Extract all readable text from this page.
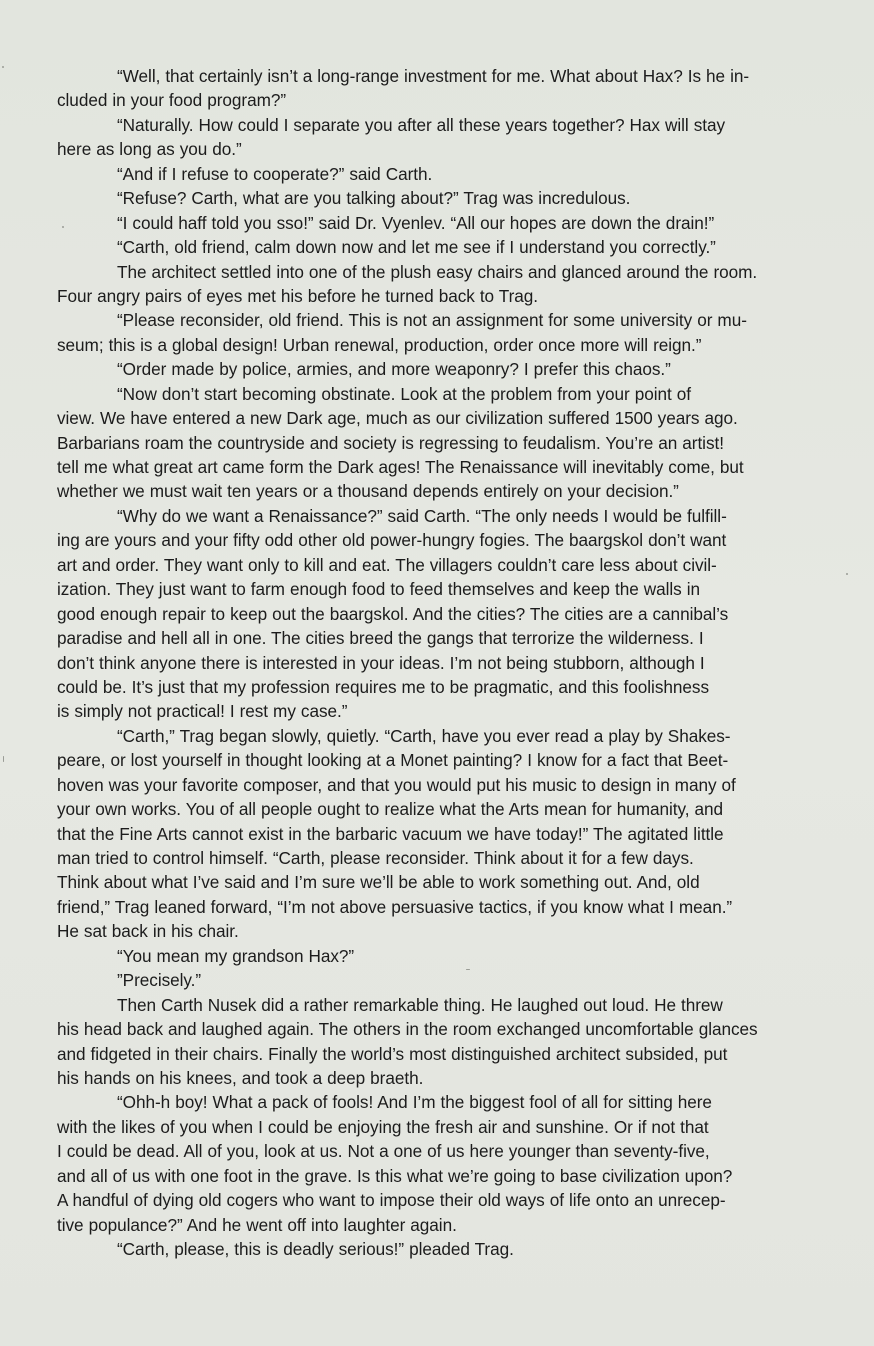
“Well, that certainly isn’t a long-range investment for me. What about Hax? Is he in-
cluded in your food program?”
“Naturally. How could I separate you after all these years together? Hax will stay
here as long as you do.”
“And if I refuse to cooperate?” said Carth.
“Refuse? Carth, what are you talking about?” Trag was incredulous.
“I could haff told you sso!” said Dr. Vyenlev. “All our hopes are down the drain!”
“Carth, old friend, calm down now and let me see if I understand you correctly.”
The architect settled into one of the plush easy chairs and glanced around the room.
Four angry pairs of eyes met his before he turned back to Trag.
“Please reconsider, old friend. This is not an assignment for some university or mu-
seum; this is a global design! Urban renewal, production, order once more will reign.”
“Order made by police, armies, and more weaponry? I prefer this chaos.”
“Now don’t start becoming obstinate. Look at the problem from your point of
view. We have entered a new Dark age, much as our civilization suffered 1500 years ago.
Barbarians roam the countryside and society is regressing to feudalism. You’re an artist!
tell me what great art came form the Dark ages! The Renaissance will inevitably come, but
whether we must wait ten years or a thousand depends entirely on your decision.”
“Why do we want a Renaissance?” said Carth. “The only needs I would be fulfill-
ing are yours and your fifty odd other old power-hungry fogies. The baargskol don’t want
art and order. They want only to kill and eat. The villagers couldn’t care less about civil-
ization. They just want to farm enough food to feed themselves and keep the walls in
good enough repair to keep out the baargskol. And the cities? The cities are a cannibal’s
paradise and hell all in one. The cities breed the gangs that terrorize the wilderness. I
don’t think anyone there is interested in your ideas. I’m not being stubborn, although I
could be. It’s just that my profession requires me to be pragmatic, and this foolishness
is simply not practical! I rest my case.”
“Carth,” Trag began slowly, quietly. “Carth, have you ever read a play by Shakes-
peare, or lost yourself in thought looking at a Monet painting? I know for a fact that Beet-
hoven was your favorite composer, and that you would put his music to design in many of
your own works. You of all people ought to realize what the Arts mean for humanity, and
that the Fine Arts cannot exist in the barbaric vacuum we have today!” The agitated little
man tried to control himself. “Carth, please reconsider. Think about it for a few days.
Think about what I’ve said and I’m sure we’ll be able to work something out. And, old
friend,” Trag leaned forward, “I’m not above persuasive tactics, if you know what I mean.”
He sat back in his chair.
“You mean my grandson Hax?”
”Precisely.”
Then Carth Nusek did a rather remarkable thing. He laughed out loud. He threw
his head back and laughed again. The others in the room exchanged uncomfortable glances
and fidgeted in their chairs. Finally the world’s most distinguished architect subsided, put
his hands on his knees, and took a deep braeth.
“Ohh-h boy! What a pack of fools! And I’m the biggest fool of all for sitting here
with the likes of you when I could be enjoying the fresh air and sunshine. Or if not that
I could be dead. All of you, look at us. Not a one of us here younger than seventy-five,
and all of us with one foot in the grave. Is this what we’re going to base civilization upon?
A handful of dying old cogers who want to impose their old ways of life onto an unrecep-
tive populance?” And he went off into laughter again.
“Carth, please, this is deadly serious!” pleaded Trag.
